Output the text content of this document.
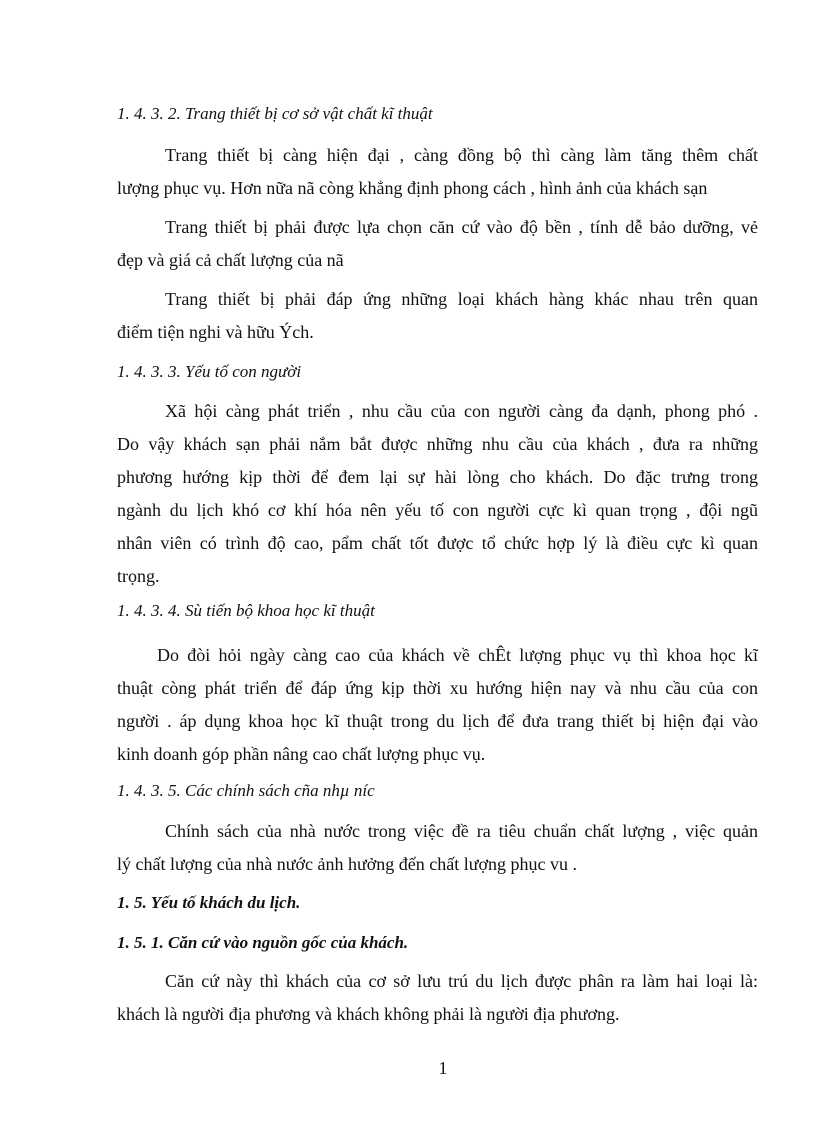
1. 4. 3. 2. Trang thiết bị cơ sở vật chất kĩ thuật
Trang thiết bị càng hiện đại , càng đồng bộ thì càng làm tăng thêm chất
lượng phục vụ. Hơn nữa nã còng khẳng định phong cách , hình ảnh của khách sạn
Trang thiết bị phải được lựa chọn căn cứ vào độ bền , tính dễ bảo dưỡng, vẻ
đẹp và giá cả chất lượng của nã
Trang thiết bị phải đáp ứng những loại khách hàng khác nhau trên quan
điểm tiện nghi và hữu Ých.
1. 4. 3. 3. Yếu tố con người
Xã hội càng phát triển , nhu cầu của con người càng đa dạnh, phong phó .
Do vậy khách sạn phải nắm bắt được những nhu cầu của khách , đưa ra những
phương hướng kịp thời để đem lại sự hài lòng cho khách. Do đặc trưng trong
ngành du lịch khó cơ khí hóa nên yếu tố con người cực kì quan trọng , đội ngũ
nhân viên có trình độ cao, pẩm chất tốt được tổ chức hợp lý là điều cực kì quan
trọng.
1. 4. 3. 4. Sù tiến bộ khoa học kĩ thuật
Do đòi hỏi ngày càng cao của khách về chÊt lượng phục vụ thì khoa học kĩ
thuật còng phát triển để đáp ứng kịp thời xu hướng hiện nay và nhu cầu của con
người . áp dụng khoa học kĩ thuật trong du lịch để đưa trang thiết bị hiện đại vào
kinh doanh góp phần nâng cao chất lượng phục vụ.
1. 4. 3. 5. Các chính sách cña nhµ níc
Chính sách của nhà nước trong việc đề ra tiêu chuẩn chất lượng , việc quản
lý chất lượng của nhà nước ảnh hưởng đến chất lượng phục vu .
1. 5. Yếu tố khách du lịch.
1. 5. 1. Căn cứ vào nguồn gốc của khách.
Căn cứ này thì khách của cơ sở lưu trú du lịch được phân ra làm hai loại là:
khách là người địa phương và khách không phải là người địa phương.
1
